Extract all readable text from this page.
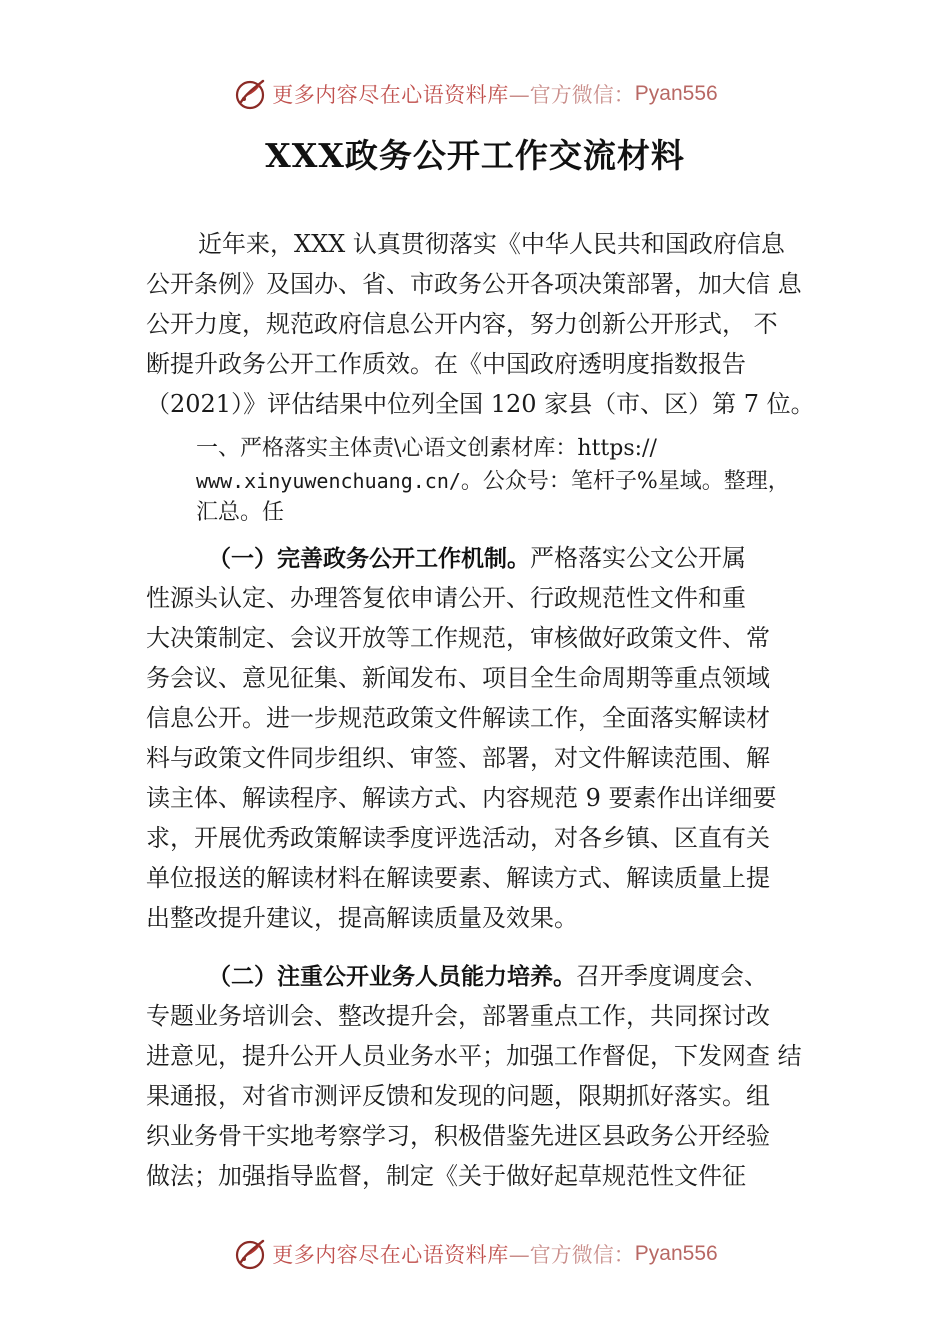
更多内容尽在心语资料库 —官方微信： Pyan556
XXX政务公开工作交流材料
近年来，XXX 认真贯彻落实《中华人民共和国政府信息
公开条例》及国办、省、市政务公开各项决策部署，加大信 息
公开力度，规范政府信息公开内容，努力创新公开形式， 不
断提升政务公开工作质效。在《中国政府透明度指数报告
（2021）》评估结果中位列全国 120 家县（市、区）第 7 位。
一、严格落实主体责\心语文创素材库：https://
www.xinyuwenchuang.cn/。公众号：笔杆子%星域。整理，
汇总。任
（一）完善政务公开工作机制。严格落实公文公开属
性源头认定、办理答复依申请公开、行政规范性文件和重
大决策制定、会议开放等工作规范，审核做好政策文件、常
务会议、意见征集、新闻发布、项目全生命周期等重点领域
信息公开。进一步规范政策文件解读工作，全面落实解读材
料与政策文件同步组织、审签、部署，对文件解读范围、解
读主体、解读程序、解读方式、内容规范 9 要素作出详细要
求，开展优秀政策解读季度评选活动，对各乡镇、区直有关
单位报送的解读材料在解读要素、解读方式、解读质量上提
出整改提升建议，提高解读质量及效果。
（二）注重公开业务人员能力培养。召开季度调度会、
专题业务培训会、整改提升会，部署重点工作，共同探讨改
进意见，提升公开人员业务水平；加强工作督促，下发网查 结
果通报，对省市测评反馈和发现的问题，限期抓好落实。组
织业务骨干实地考察学习，积极借鉴先进区县政务公开经验
做法；加强指导监督，制定《关于做好起草规范性文件征
更多内容尽在心语资料库 —官方微信： Pyan556
